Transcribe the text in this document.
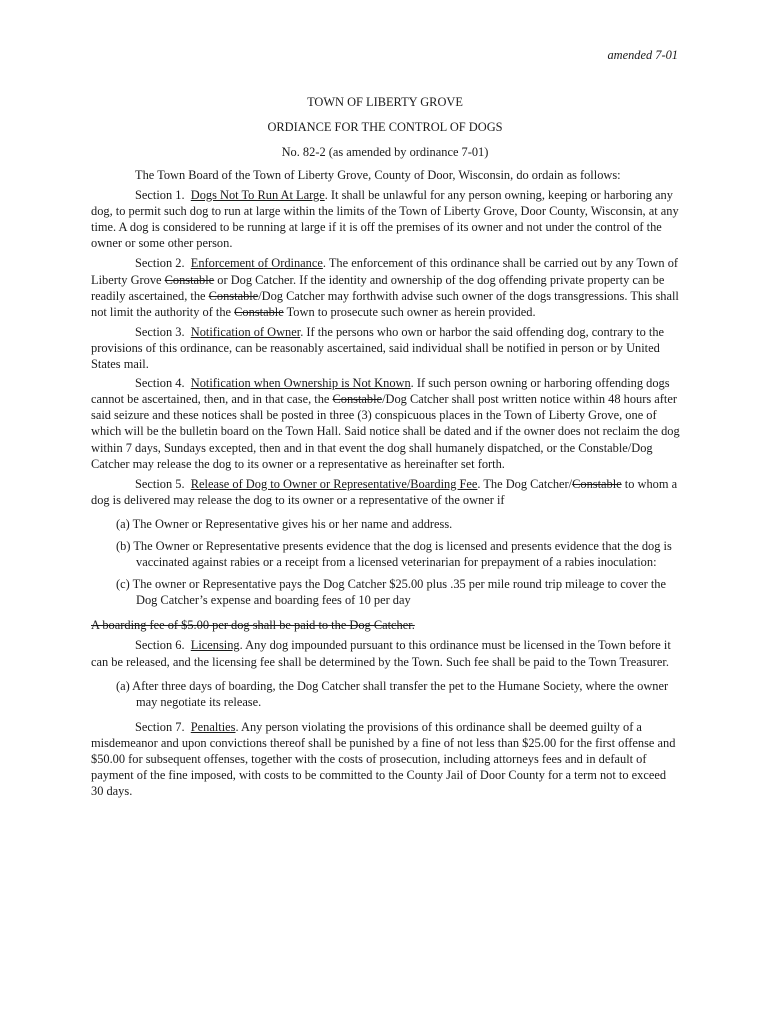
amended 7-01
TOWN OF LIBERTY GROVE
ORDIANCE FOR THE CONTROL OF DOGS
No. 82-2 (as amended by ordinance 7-01)

The Town Board of the Town of Liberty Grove, County of Door, Wisconsin, do ordain as follows:

Section 1. Dogs Not To Run At Large. It shall be unlawful for any person owning, keeping or harboring any dog, to permit such dog to run at large within the limits of the Town of Liberty Grove, Door County, Wisconsin, at any time. A dog is considered to be running at large if it is off the premises of its owner and not under the control of the owner or some other person.

Section 2. Enforcement of Ordinance. The enforcement of this ordinance shall be carried out by any Town of Liberty Grove Constable or Dog Catcher. If the identity and ownership of the dog offending private property can be readily ascertained, the Constable/Dog Catcher may forthwith advise such owner of the dogs transgressions. This shall not limit the authority of the Constable Town to prosecute such owner as herein provided.

Section 3. Notification of Owner. If the persons who own or harbor the said offending dog, contrary to the provisions of this ordinance, can be reasonably ascertained, said individual shall be notified in person or by United States mail.

Section 4. Notification when Ownership is Not Known. If such person owning or harboring offending dogs cannot be ascertained, then, and in that case, the Constable/Dog Catcher shall post written notice within 48 hours after said seizure and these notices shall be posted in three (3) conspicuous places in the Town of Liberty Grove, one of which will be the bulletin board on the Town Hall. Said notice shall be dated and if the owner does not reclaim the dog within 7 days, Sundays excepted, then and in that event the dog shall humanely dispatched, or the Constable/Dog Catcher may release the dog to its owner or a representative as hereinafter set forth.

Section 5. Release of Dog to Owner or Representative/Boarding Fee. The Dog Catcher/Constable to whom a dog is delivered may release the dog to its owner or a representative of the owner if

(a) The Owner or Representative gives his or her name and address.

(b) The Owner or Representative presents evidence that the dog is licensed and presents evidence that the dog is vaccinated against rabies or a receipt from a licensed veterinarian for prepayment of a rabies inoculation:

(c) The owner or Representative pays the Dog Catcher $25.00 plus .35 per mile round trip mileage to cover the Dog Catcher’s expense and boarding fees of 10 per day

A boarding fee of $5.00 per dog shall be paid to the Dog Catcher.

Section 6. Licensing. Any dog impounded pursuant to this ordinance must be licensed in the Town before it can be released, and the licensing fee shall be determined by the Town. Such fee shall be paid to the Town Treasurer.

(a) After three days of boarding, the Dog Catcher shall transfer the pet to the Humane Society, where the owner may negotiate its release.

Section 7. Penalties. Any person violating the provisions of this ordinance shall be deemed guilty of a misdemeanor and upon convictions thereof shall be punished by a fine of not less than $25.00 for the first offense and $50.00 for subsequent offenses, together with the costs of prosecution, including attorneys fees and in default of payment of the fine imposed, with costs to be committed to the County Jail of Door County for a term not to exceed 30 days.
